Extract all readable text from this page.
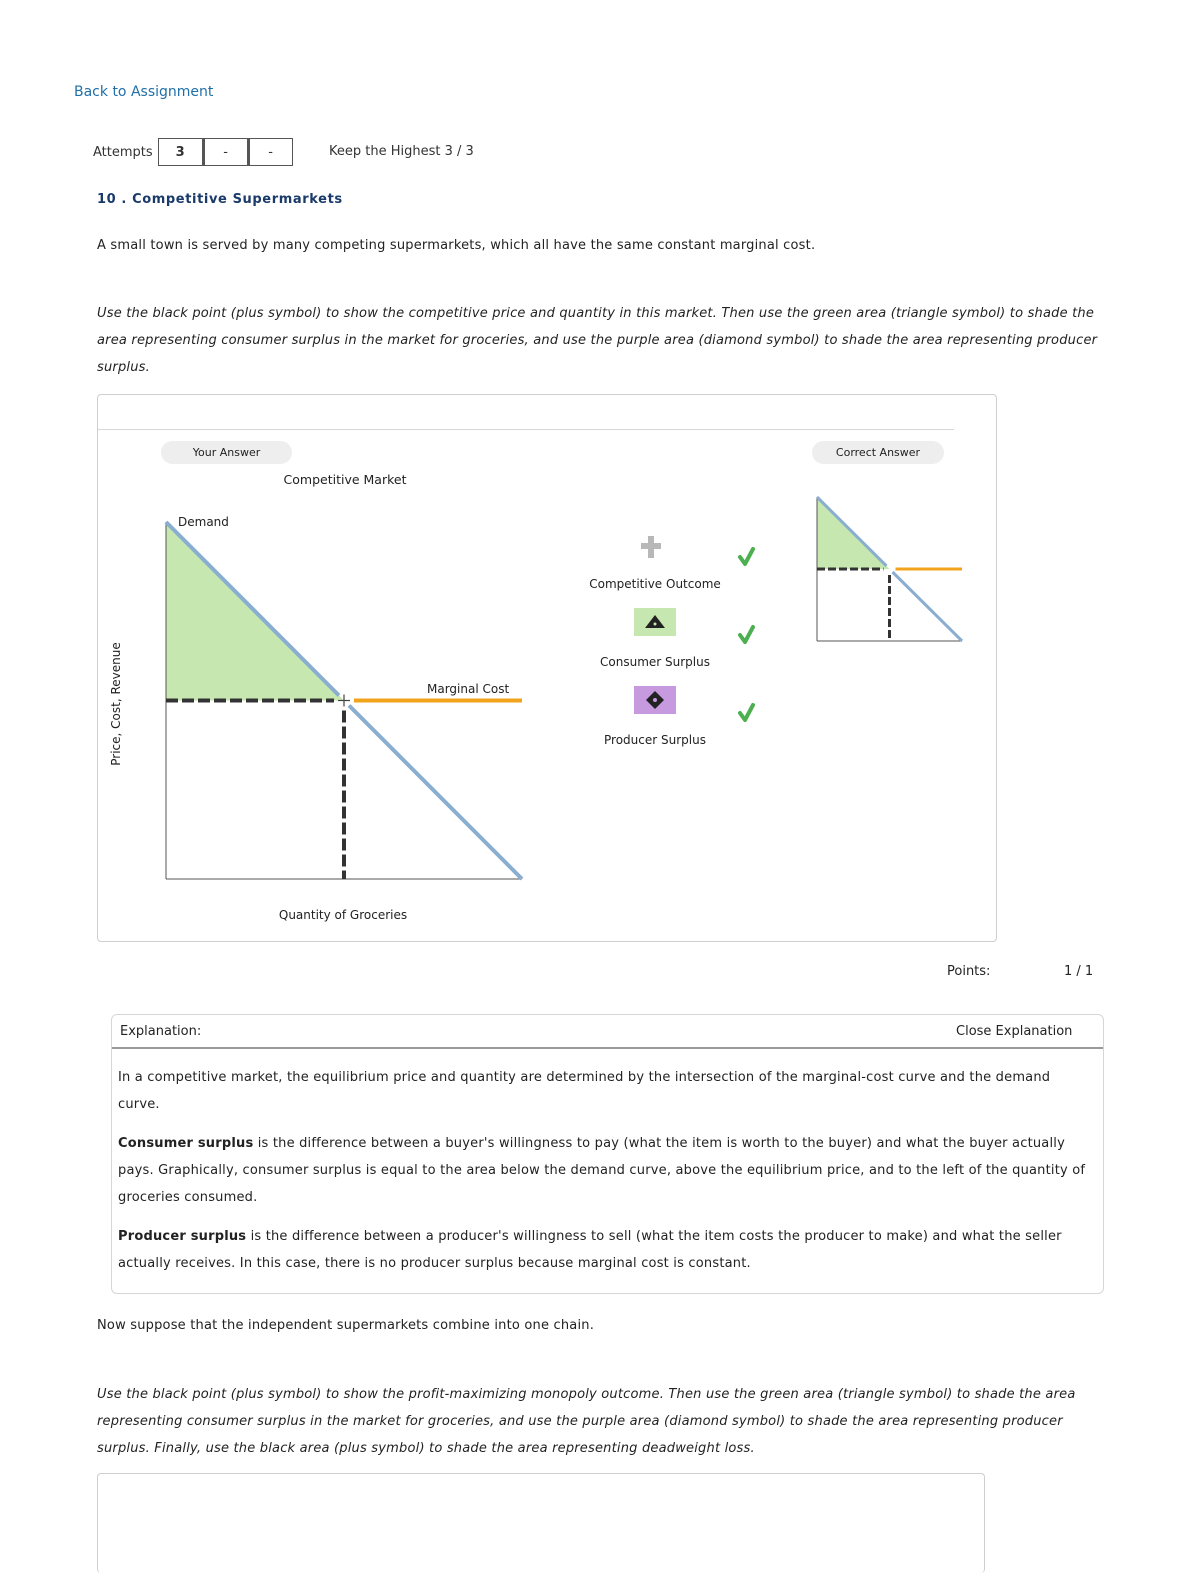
Back to Assignment
Attempts	3	-	-	Keep the Highest 3 / 3
10 . Competitive Supermarkets
A small town is served by many competing supermarkets, which all have the same constant marginal cost.
Use the black point (plus symbol) to show the competitive price and quantity in this market. Then use the green area (triangle symbol) to shade the area representing consumer surplus in the market for groceries, and use the purple area (diamond symbol) to shade the area representing producer surplus.
Your Answer	Correct Answer
Competitive Market
Price, Cost, Revenue
Quantity of Groceries
Demand
Marginal Cost
Competitive Outcome
Consumer Surplus
Producer Surplus
Points:	1 / 1
Explanation:	Close Explanation
In a competitive market, the equilibrium price and quantity are determined by the intersection of the marginal-cost curve and the demand curve.
Consumer surplus is the difference between a buyer's willingness to pay (what the item is worth to the buyer) and what the buyer actually pays. Graphically, consumer surplus is equal to the area below the demand curve, above the equilibrium price, and to the left of the quantity of groceries consumed.
Producer surplus is the difference between a producer's willingness to sell (what the item costs the producer to make) and what the seller actually receives. In this case, there is no producer surplus because marginal cost is constant.
Now suppose that the independent supermarkets combine into one chain.
Use the black point (plus symbol) to show the profit-maximizing monopoly outcome. Then use the green area (triangle symbol) to shade the area representing consumer surplus in the market for groceries, and use the purple area (diamond symbol) to shade the area representing producer surplus. Finally, use the black area (plus symbol) to shade the area representing deadweight loss.
